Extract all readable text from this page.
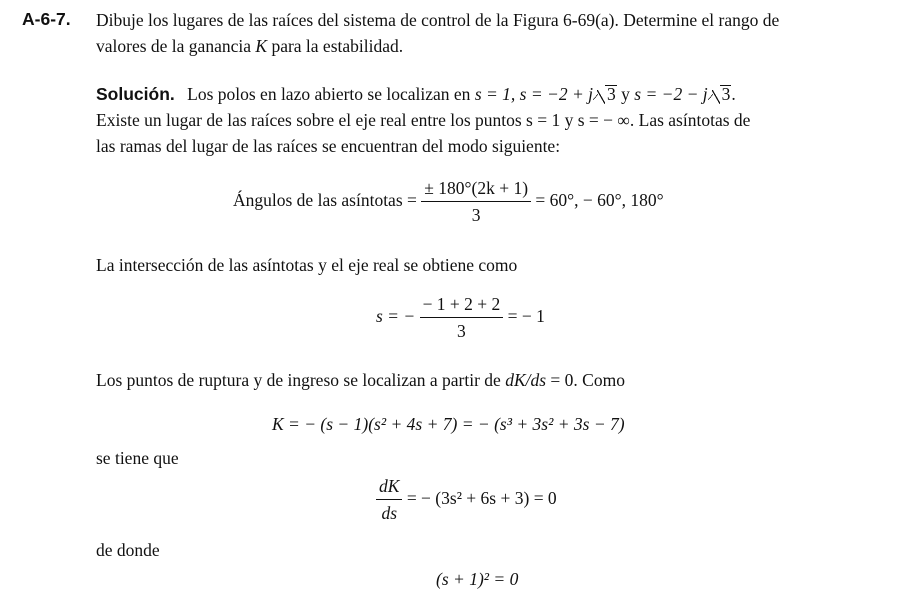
A-6-7. Dibuje los lugares de las raíces del sistema de control de la Figura 6-69(a). Determine el rango de
valores de la ganancia K para la estabilidad.
Solución. Los polos en lazo abierto se localizan en s = 1, s = −2 + j 3 y s = −2 − j 3.
Existe un lugar de las raíces sobre el eje real entre los puntos s = 1 y s = − ∞. Las asíntotas de
las ramas del lugar de las raíces se encuentran del modo siguiente:
Ángulos de las asíntotas = $\frac{\pm 180^\circ(2k + 1)}{3} = 60^\circ$, − 60°, 180°
La intersección de las asíntotas y el eje real se obtiene como
s = − $\frac{- 1 + 2 + 2}{3}$ = − 1
Los puntos de ruptura y de ingreso se localizan a partir de dK/ds = 0. Como
K = − (s − 1)(s² + 4s + 7) = − (s³ + 3s² + 3s − 7)
se tiene que
$\frac{dK}{ds}$ = − (3s² + 6s + 3) = 0
de donde
(s + 1)² = 0
